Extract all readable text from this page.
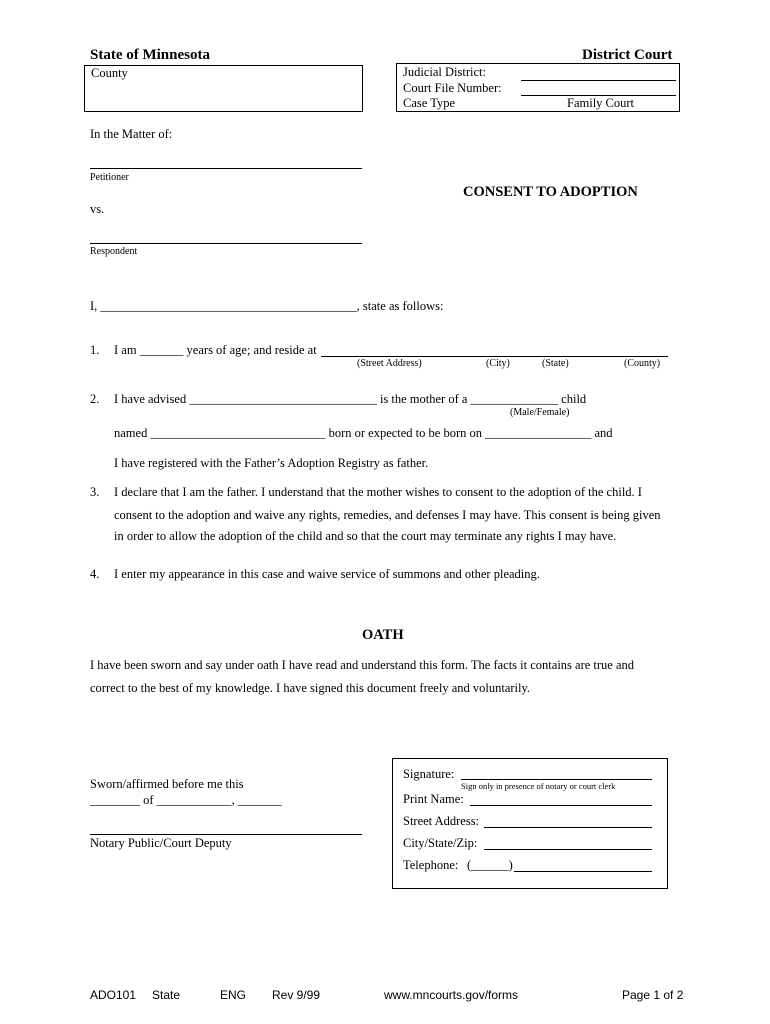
State of Minnesota	District Court
County	Judicial District:
Court File Number:
Case Type	Family Court
In the Matter of:
Petitioner
CONSENT TO ADOPTION
vs.
Respondent
I, _________________________________________, state as follows:
1. I am _______ years of age; and reside at
(Street Address)	(City)	(State)	(County)
2. I have advised ______________________________ is the mother of a ______________ child
(Male/Female)
named ____________________________ born or expected to be born on _________________ and
I have registered with the Father’s Adoption Registry as father.
3. I declare that I am the father. I understand that the mother wishes to consent to the adoption of the child. I
consent to the adoption and waive any rights, remedies, and defenses I may have. This consent is being given
in order to allow the adoption of the child and so that the court may terminate any rights I may have.
4. I enter my appearance in this case and waive service of summons and other pleading.
OATH
I have been sworn and say under oath I have read and understand this form. The facts it contains are true and
correct to the best of my knowledge. I have signed this document freely and voluntarily.
Sworn/affirmed before me this
________ of ____________, _______
Notary Public/Court Deputy
Signature:
Sign only in presence of notary or court clerk
Print Name:
Street Address:
City/State/Zip:
Telephone: (______)
ADO101 State	ENG Rev 9/99	www.mncourts.gov/forms	Page 1 of 2
